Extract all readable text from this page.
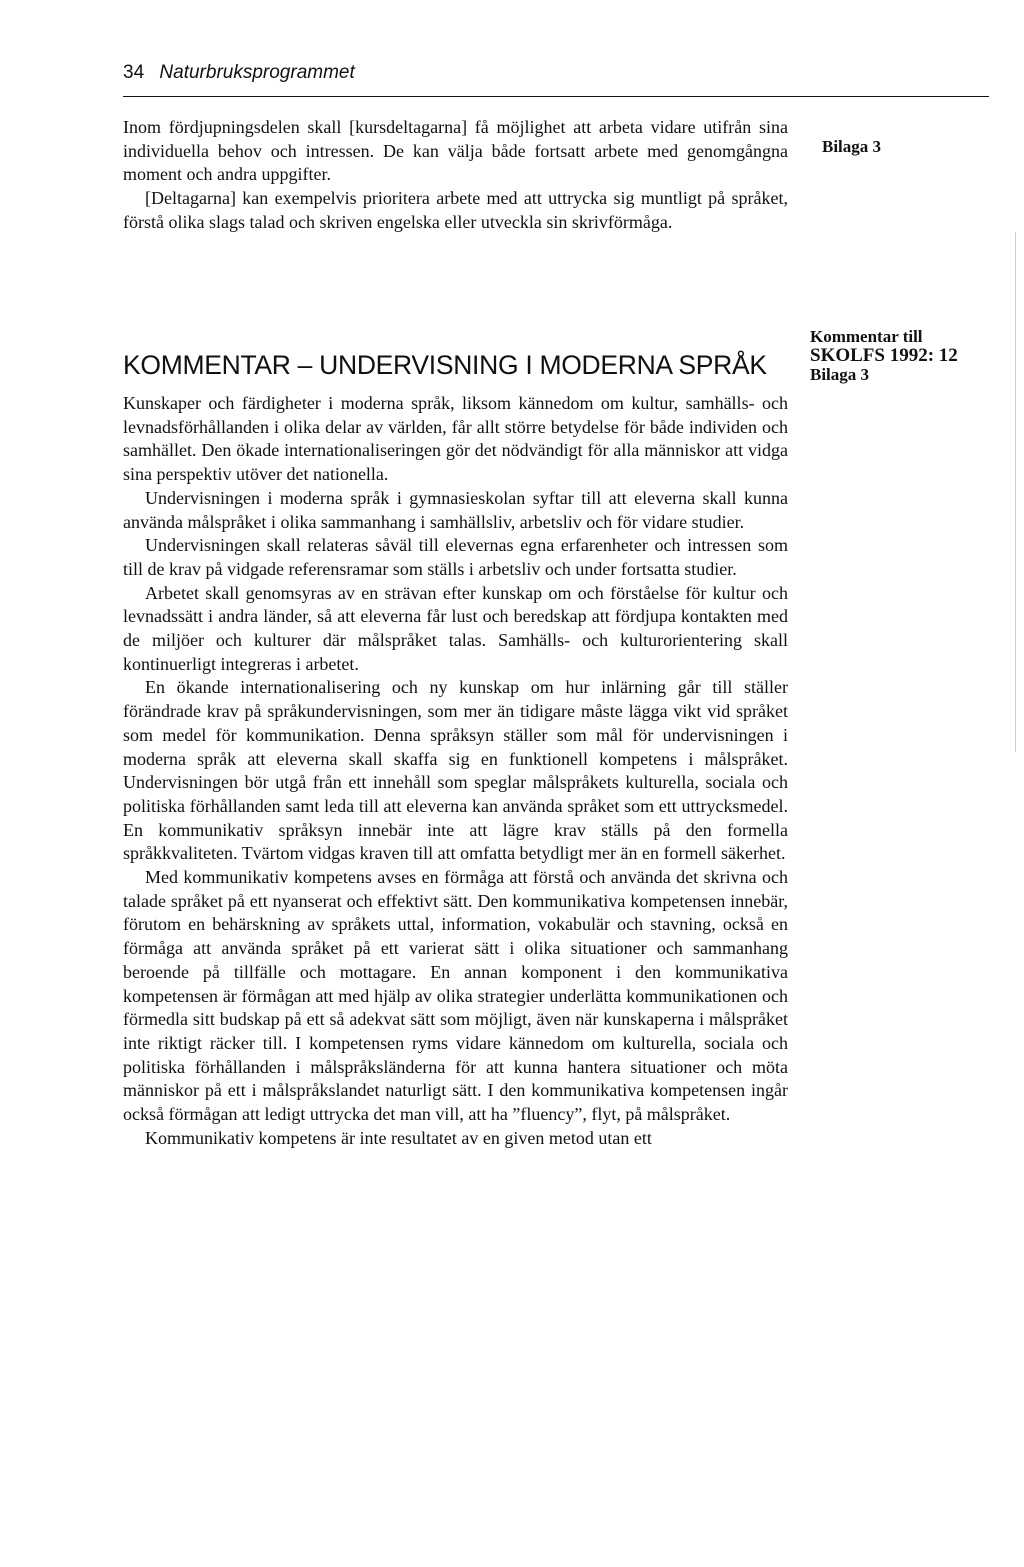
34 Naturbruksprogrammet

Inom fördjupningsdelen skall [kursdeltagarna] få möjlighet att arbeta vidare utifrån sina individuella behov och intressen. De kan välja både fortsatt arbete med genomgångna moment och andra uppgifter.

[Deltagarna] kan exempelvis prioritera arbete med att uttrycka sig muntligt på språket, förstå olika slags talad och skriven engelska eller utveckla sin skrivförmåga.

Bilaga 3
Kommentar till
SKOLFS 1992: 12
Bilaga 3
KOMMENTAR – UNDERVISNING I MODERNA SPRÅK

Kunskaper och färdigheter i moderna språk, liksom kännedom om kultur, samhälls- och levnadsförhållanden i olika delar av världen, får allt större betydelse för både individen och samhället. Den ökade internationaliseringen gör det nödvändigt för alla människor att vidga sina perspektiv utöver det nationella.

Undervisningen i moderna språk i gymnasieskolan syftar till att eleverna skall kunna använda målspråket i olika sammanhang i samhällsliv, arbetsliv och för vidare studier.

Undervisningen skall relateras såväl till elevernas egna erfarenheter och intressen som till de krav på vidgade referensramar som ställs i arbetsliv och under fortsatta studier.

Arbetet skall genomsyras av en strävan efter kunskap om och förståelse för kultur och levnadssätt i andra länder, så att eleverna får lust och beredskap att fördjupa kontakten med de miljöer och kulturer där målspråket talas. Samhälls- och kulturorientering skall kontinuerligt integreras i arbetet.

En ökande internationalisering och ny kunskap om hur inlärning går till ställer förändrade krav på språkundervisningen, som mer än tidigare måste lägga vikt vid språket som medel för kommunikation. Denna språksyn ställer som mål för undervisningen i moderna språk att eleverna skall skaffa sig en funktionell kompetens i målspråket. Undervisningen bör utgå från ett innehåll som speglar målspråkets kulturella, sociala och politiska förhållanden samt leda till att eleverna kan använda språket som ett uttrycksmedel. En kommunikativ språksyn innebär inte att lägre krav ställs på den formella språkkvaliteten. Tvärtom vidgas kraven till att omfatta betydligt mer än en formell säkerhet.

Med kommunikativ kompetens avses en förmåga att förstå och använda det skrivna och talade språket på ett nyanserat och effektivt sätt. Den kommunikativa kompetensen innebär, förutom en behärskning av språkets uttal, information, vokabulär och stavning, också en förmåga att använda språket på ett varierat sätt i olika situationer och sammanhang beroende på tillfälle och mottagare. En annan komponent i den kommunikativa kompetensen är förmågan att med hjälp av olika strategier underlätta kommunikationen och förmedla sitt budskap på ett så adekvat sätt som möjligt, även när kunskaperna i målspråket inte riktigt räcker till. I kompetensen ryms vidare kännedom om kulturella, sociala och politiska förhållanden i målspråksländerna för att kunna hantera situationer och möta människor på ett i målspråkslandet naturligt sätt. I den kommunikativa kompetensen ingår också förmågan att ledigt uttrycka det man vill, att ha ”fluency”, flyt, på målspråket.

Kommunikativ kompetens är inte resultatet av en given metod utan ett
